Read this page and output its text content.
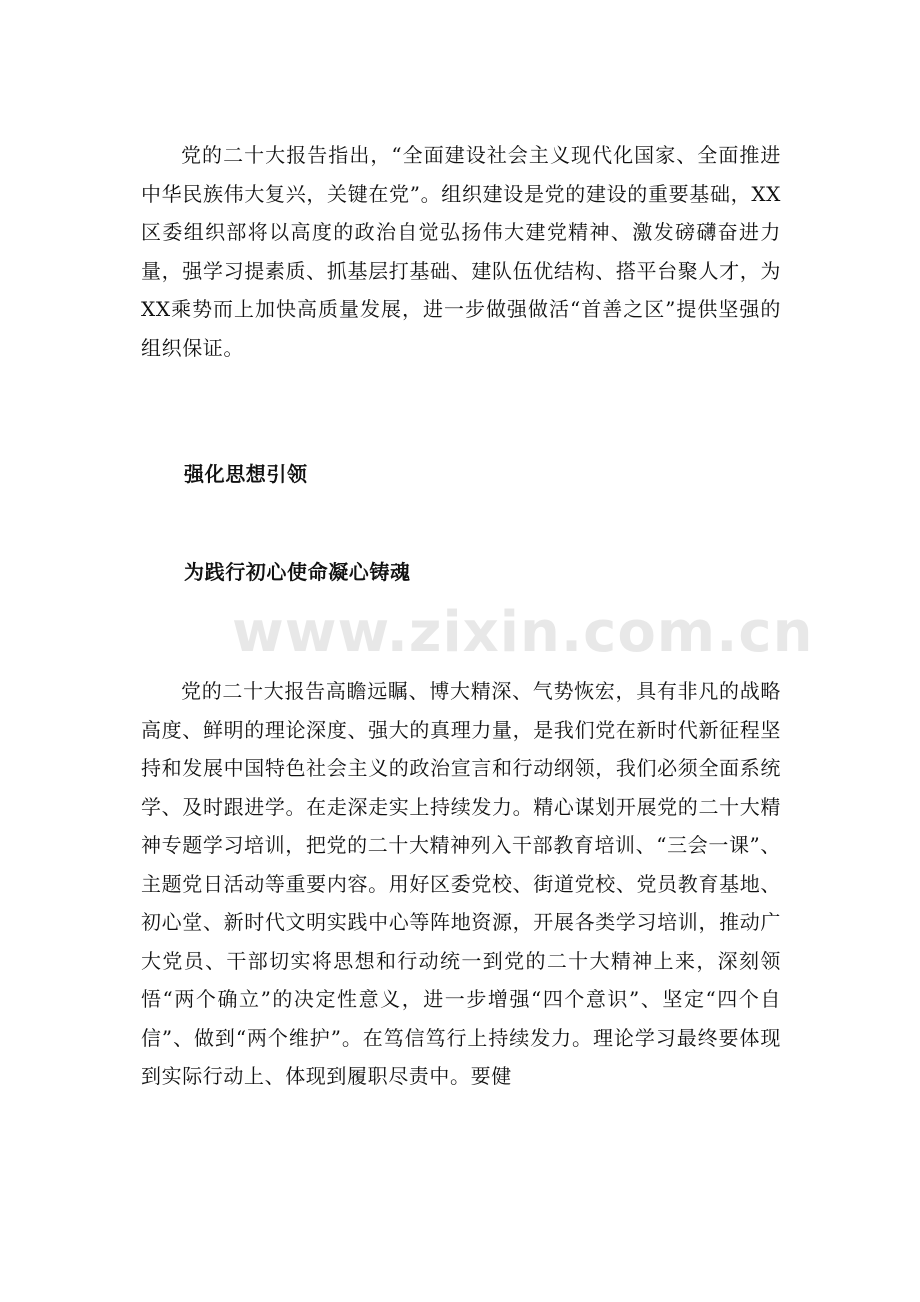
党的二十大报告指出，“全面建设社会主义现代化国家、全面推进中华民族伟大复兴，关键在党”。组织建设是党的建设的重要基础，XX区委组织部将以高度的政治自觉弘扬伟大建党精神、激发磅礴奋进力量，强学习提素质、抓基层打基础、建队伍优结构、搭平台聚人才，为XX乘势而上加快高质量发展，进一步做强做活“首善之区”提供坚强的组织保证。

强化思想引领
为践行初心使命凝心铸魂

党的二十大报告高瞻远瞩、博大精深、气势恢宏，具有非凡的战略高度、鲜明的理论深度、强大的真理力量，是我们党在新时代新征程坚持和发展中国特色社会主义的政治宣言和行动纲领，我们必须全面系统学、及时跟进学。在走深走实上持续发力。精心谋划开展党的二十大精神专题学习培训，把党的二十大精神列入干部教育培训、“三会一课”、主题党日活动等重要内容。用好区委党校、街道党校、党员教育基地、初心堂、新时代文明实践中心等阵地资源，开展各类学习培训，推动广大党员、干部切实将思想和行动统一到党的二十大精神上来，深刻领悟“两个确立”的决定性意义，进一步增强“四个意识”、坚定“四个自信”、做到“两个维护”。在笃信笃行上持续发力。理论学习最终要体现到实际行动上、体现到履职尽责中。要健

www.zixin.com.cn
